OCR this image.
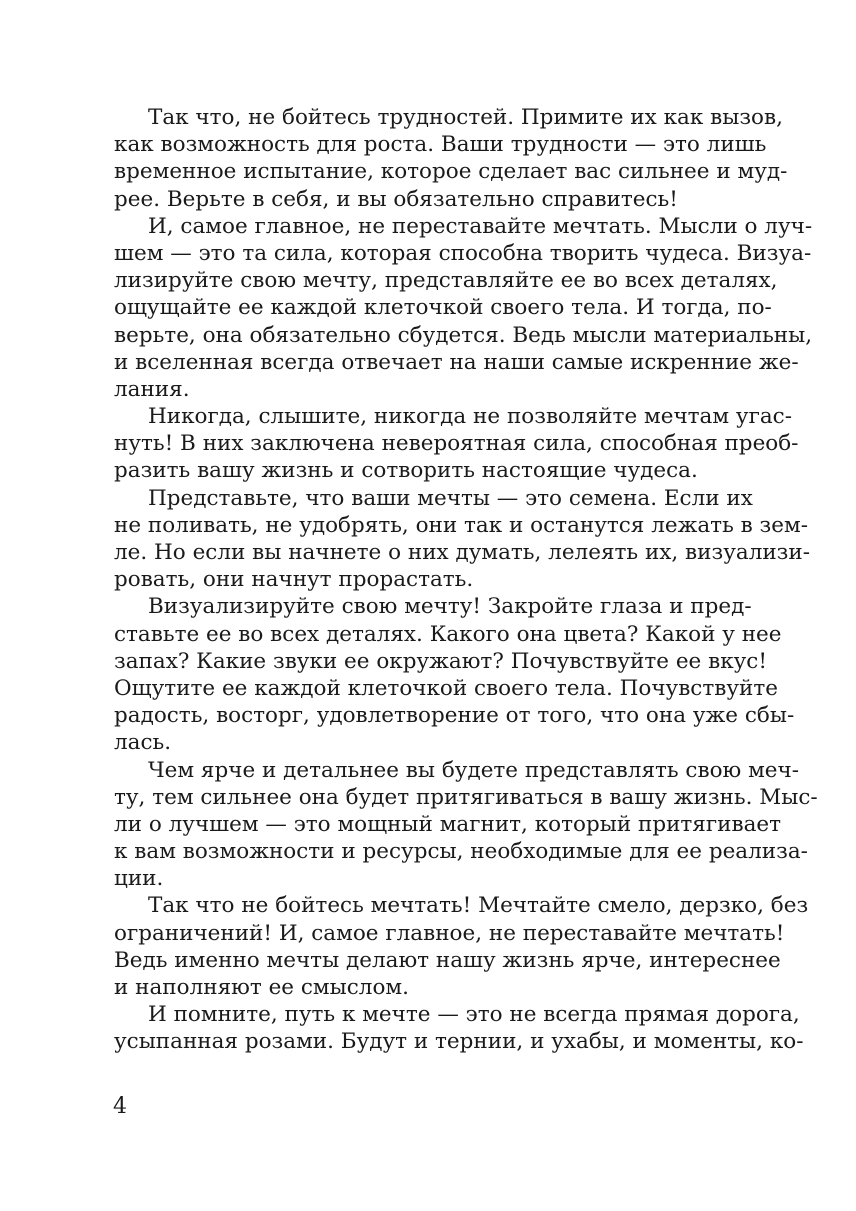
Так что, не бойтесь трудностей. Примите их как вызов,
как возможность для роста. Ваши трудности — это лишь
временное испытание, которое сделает вас сильнее и муд-
рее. Верьте в себя, и вы обязательно справитесь!
И, самое главное, не переставайте мечтать. Мысли о луч-
шем — это та сила, которая способна творить чудеса. Визуа-
лизируйте свою мечту, представляйте ее во всех деталях,
ощущайте ее каждой клеточкой своего тела. И тогда, по-
верьте, она обязательно сбудется. Ведь мысли материальны,
и вселенная всегда отвечает на наши самые искренние же-
лания.
Никогда, слышите, никогда не позволяйте мечтам угас-
нуть! В них заключена невероятная сила, способная преоб-
разить вашу жизнь и сотворить настоящие чудеса.
Представьте, что ваши мечты — это семена. Если их
не поливать, не удобрять, они так и останутся лежать в зем-
ле. Но если вы начнете о них думать, лелеять их, визуализи-
ровать, они начнут прорастать.
Визуализируйте свою мечту! Закройте глаза и пред-
ставьте ее во всех деталях. Какого она цвета? Какой у нее
запах? Какие звуки ее окружают? Почувствуйте ее вкус!
Ощутите ее каждой клеточкой своего тела. Почувствуйте
радость, восторг, удовлетворение от того, что она уже сбы-
лась.
Чем ярче и детальнее вы будете представлять свою меч-
ту, тем сильнее она будет притягиваться в вашу жизнь. Мыс-
ли о лучшем — это мощный магнит, который притягивает
к вам возможности и ресурсы, необходимые для ее реализа-
ции.
Так что не бойтесь мечтать! Мечтайте смело, дерзко, без
ограничений! И, самое главное, не переставайте мечтать!
Ведь именно мечты делают нашу жизнь ярче, интереснее
и наполняют ее смыслом.
И помните, путь к мечте — это не всегда прямая дорога,
усыпанная розами. Будут и тернии, и ухабы, и моменты, ко-
4
